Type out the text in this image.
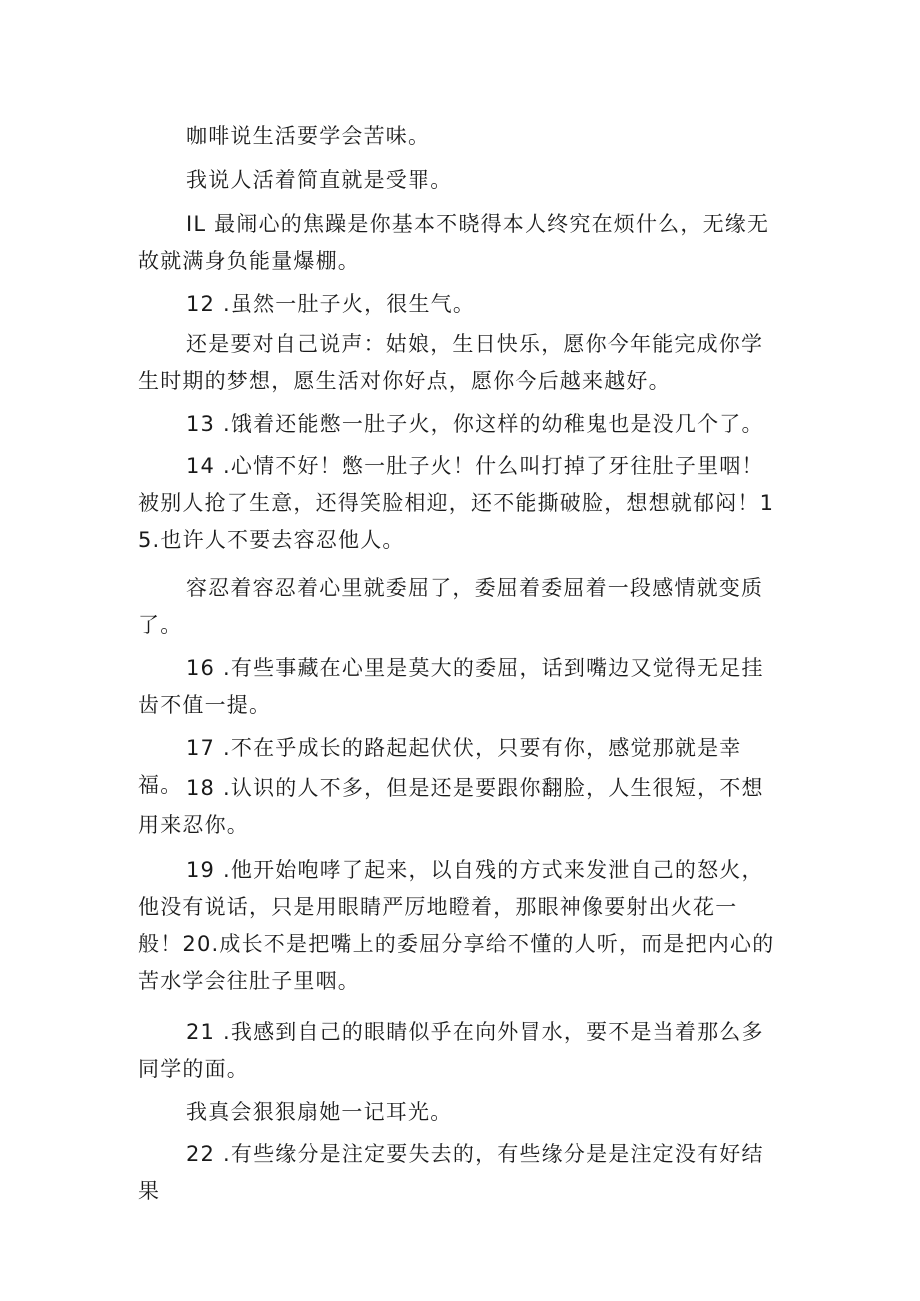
咖啡说生活要学会苦味。

我说人活着简直就是受罪。

IL 最闹心的焦躁是你基本不晓得本人终究在烦什么，无缘无故就满身负能量爆棚。

12 .虽然一肚子火，很生气。

还是要对自己说声：姑娘，生日快乐，愿你今年能完成你学生时期的梦想，愿生活对你好点，愿你今后越来越好。

13 .饿着还能憋一肚子火，你这样的幼稚鬼也是没几个了。

14 .心情不好！憋一肚子火！什么叫打掉了牙往肚子里咽！被别人抢了生意，还得笑脸相迎，还不能撕破脸，想想就郁闷！15.也许人不要去容忍他人。

容忍着容忍着心里就委屈了，委屈着委屈着一段感情就变质了。

16 .有些事藏在心里是莫大的委屈，话到嘴边又觉得无足挂齿不值一提。

17 .不在乎成长的路起起伏伏，只要有你，感觉那就是幸福。 18 .认识的人不多，但是还是要跟你翻脸，人生很短，不想用来忍你。

19 .他开始咆哮了起来，以自残的方式来发泄自己的怒火，他没有说话，只是用眼睛严厉地瞪着，那眼神像要射出火花一般！20.成长不是把嘴上的委屈分享给不懂的人听，而是把内心的苦水学会往肚子里咽。

21 .我感到自己的眼睛似乎在向外冒水，要不是当着那么多同学的面。

我真会狠狠扇她一记耳光。

22 .有些缘分是注定要失去的，有些缘分是是注定没有好结果
